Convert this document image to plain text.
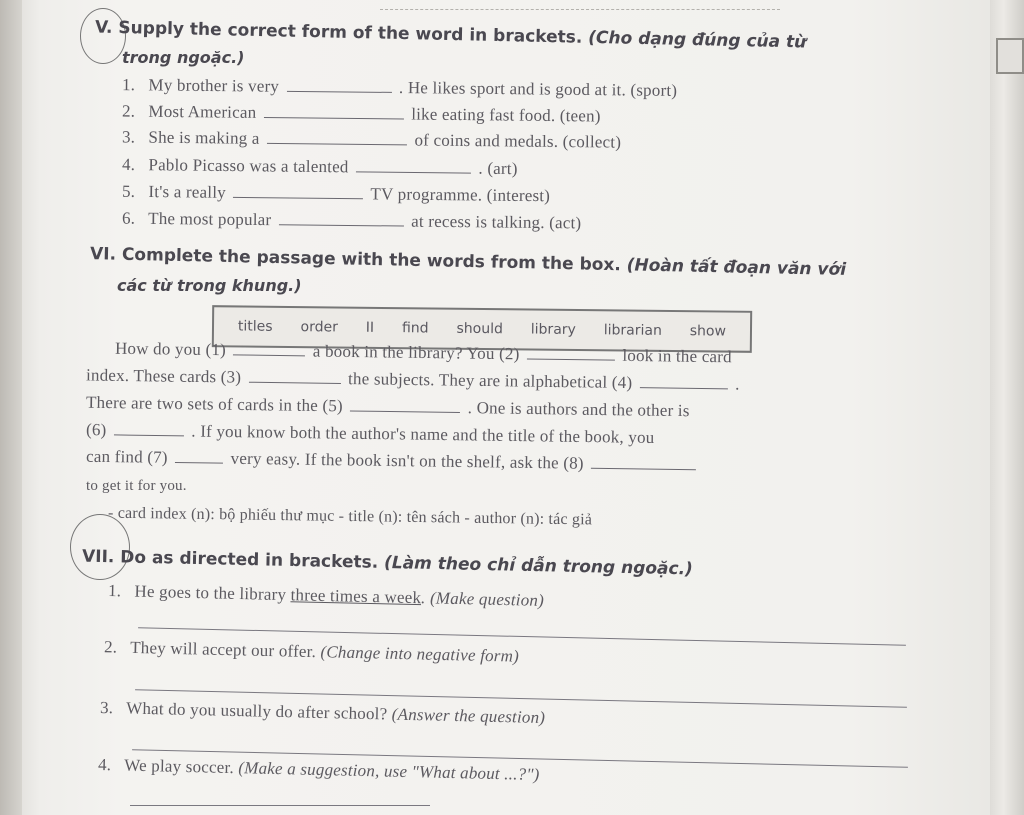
V. Supply the correct form of the word in brackets. (Cho dạng đúng của từ
trong ngoặc.)
1. My brother is very	. He likes sport and is good at it. (sport)
2. Most American	like eating fast food. (teen)
3. She is making a	of coins and medals. (collect)
4. Pablo Picasso was a talented	. (art)
5. It's a really	TV programme. (interest)
6. The most popular	at recess is talking. (act)
VI. Complete the passage with the words from the box. (Hoàn tất đoạn văn với
các từ trong khung.)
titles order II find should library librarian show
How do you (1)	a book in the library? You (2)	look in the card
index. These cards (3)	the subjects. They are in alphabetical (4)	.
There are two sets of cards in the (5)	. One is authors and the other is
(6)	. If you know both the author's name and the title of the book, you
can find (7)	very easy. If the book isn't on the shelf, ask the (8)
to get it for you.
- card index (n): bộ phiếu thư mục - title (n): tên sách - author (n): tác giả
VII. Do as directed in brackets. (Làm theo chỉ dẫn trong ngoặc.)
1. He goes to the library three times a week. (Make question)
2. They will accept our offer. (Change into negative form)
3. What do you usually do after school? (Answer the question)
4. We play soccer. (Make a suggestion, use "What about ...?")
